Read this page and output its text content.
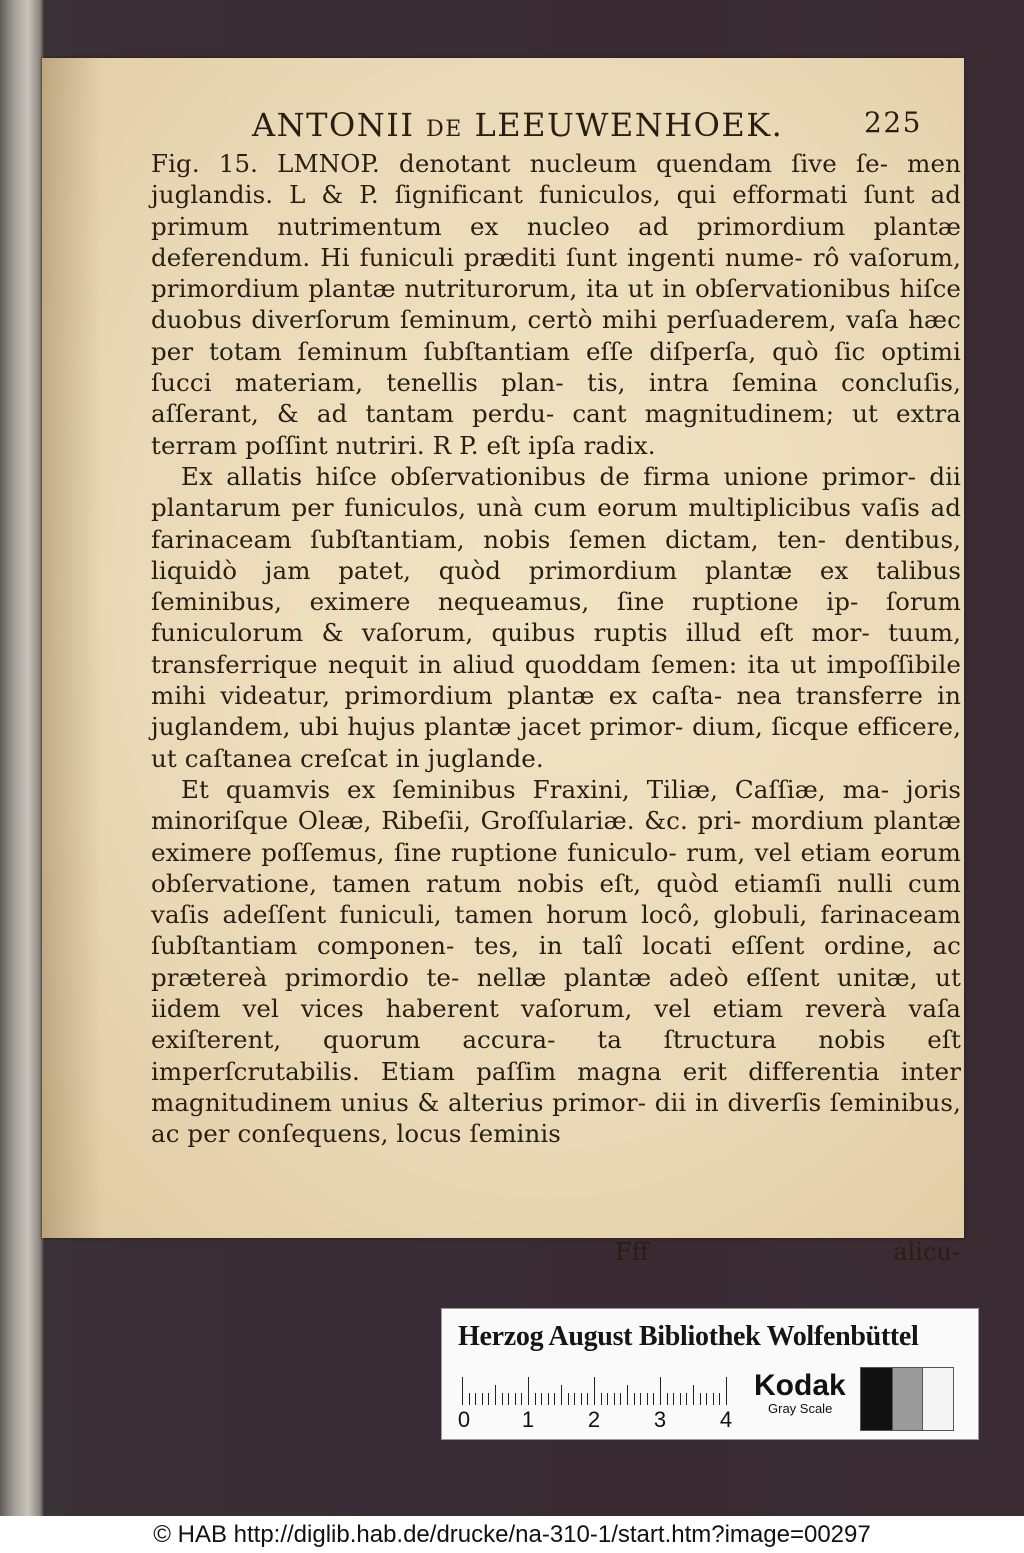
ANTONII DE LEEUWENHOEK.	225

Fig. 15. LMNOP. denotant nucleum quendam ſive ſe- men juglandis. L & P. ſignificant funiculos, qui efformati ſunt ad primum nutrimentum ex nucleo ad primordium plantæ deferendum. Hi funiculi præditi ſunt ingenti nume- rô vaſorum, primordium plantæ nutriturorum, ita ut in obſervationibus hiſce duobus diverſorum ſeminum, certò mihi perſuaderem, vaſa hæc per totam ſeminum ſubſtantiam eſſe diſperſa, quò ſic optimi ſucci materiam, tenellis plan- tis, intra ſemina concluſis, aſſerant, & ad tantam perdu- cant magnitudinem; ut extra terram poſſint nutriri. R P. eſt ipſa radix.

Ex allatis hiſce obſervationibus de firma unione primor- dii plantarum per funiculos, unà cum eorum multiplicibus vaſis ad farinaceam ſubſtantiam, nobis ſemen dictam, ten- dentibus, liquidò jam patet, quòd primordium plantæ ex talibus ſeminibus, eximere nequeamus, ſine ruptione ip- ſorum funiculorum & vaſorum, quibus ruptis illud eſt mor- tuum, transferrique nequit in aliud quoddam ſemen: ita ut impoſſibile mihi videatur, primordium plantæ ex caſta- nea transferre in juglandem, ubi hujus plantæ jacet primor- dium, ſicque efficere, ut caſtanea creſcat in juglande.

Et quamvis ex ſeminibus Fraxini, Tiliæ, Caſſiæ, ma- joris minoriſque Oleæ, Ribeſii, Groſſulariæ. &c. pri- mordium plantæ eximere poſſemus, ſine ruptione funiculo- rum, vel etiam eorum obſervatione, tamen ratum nobis eſt, quòd etiamſi nulli cum vaſis adeſſent funiculi, tamen horum locô, globuli, farinaceam ſubſtantiam componen- tes, in talî locati eſſent ordine, ac prætereà primordio te- nellæ plantæ adeò eſſent unitæ, ut iidem vel vices haberent vaſorum, vel etiam reverà vaſa exiſterent, quorum accura- ta ſtructura nobis eſt imperſcrutabilis. Etiam paſſim magna erit differentia inter magnitudinem unius & alterius primor- dii in diverſis ſeminibus, ac per conſequens, locus ſeminis

Fff	alicu-
Herzog August Bibliothek Wolfenbüttel
0 1 2 3 4
Kodak
Gray Scale
© HAB http://diglib.hab.de/drucke/na-310-1/start.htm?image=00297
